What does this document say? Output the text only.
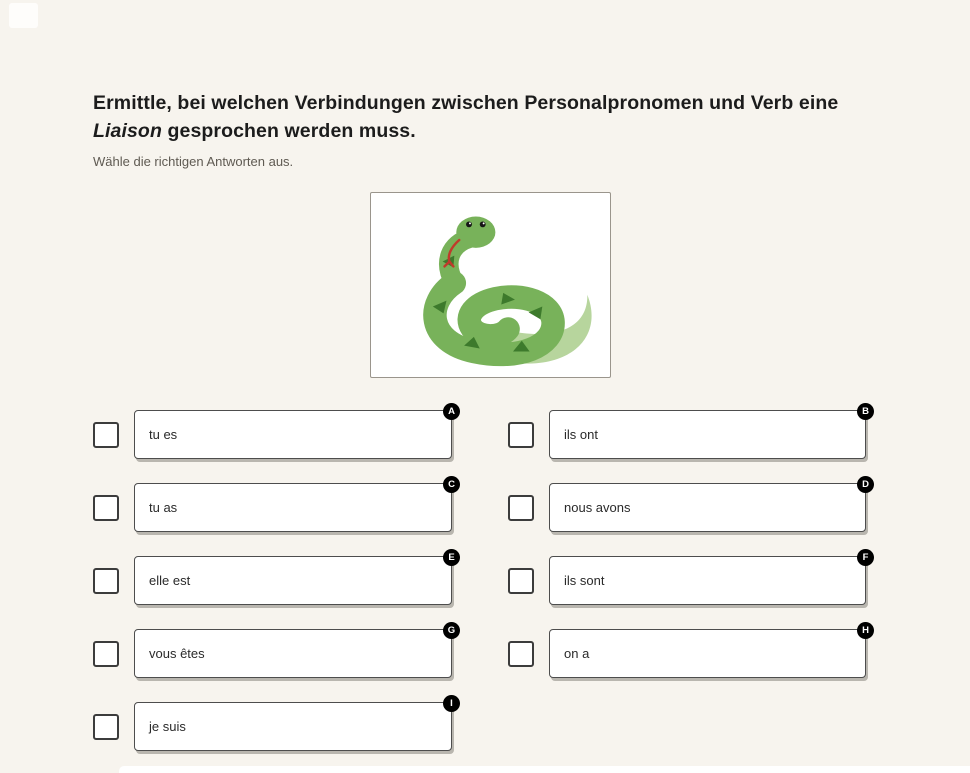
Ermittle, bei welchen Verbindungen zwischen Personalpronomen und Verb eine Liaison gesprochen werden muss.

Wähle die richtigen Antworten aus.

tu es
A
ils ont
B
tu as
C
nous avons
D
elle est
E
ils sont
F
vous êtes
G
on a
H
je suis
I
